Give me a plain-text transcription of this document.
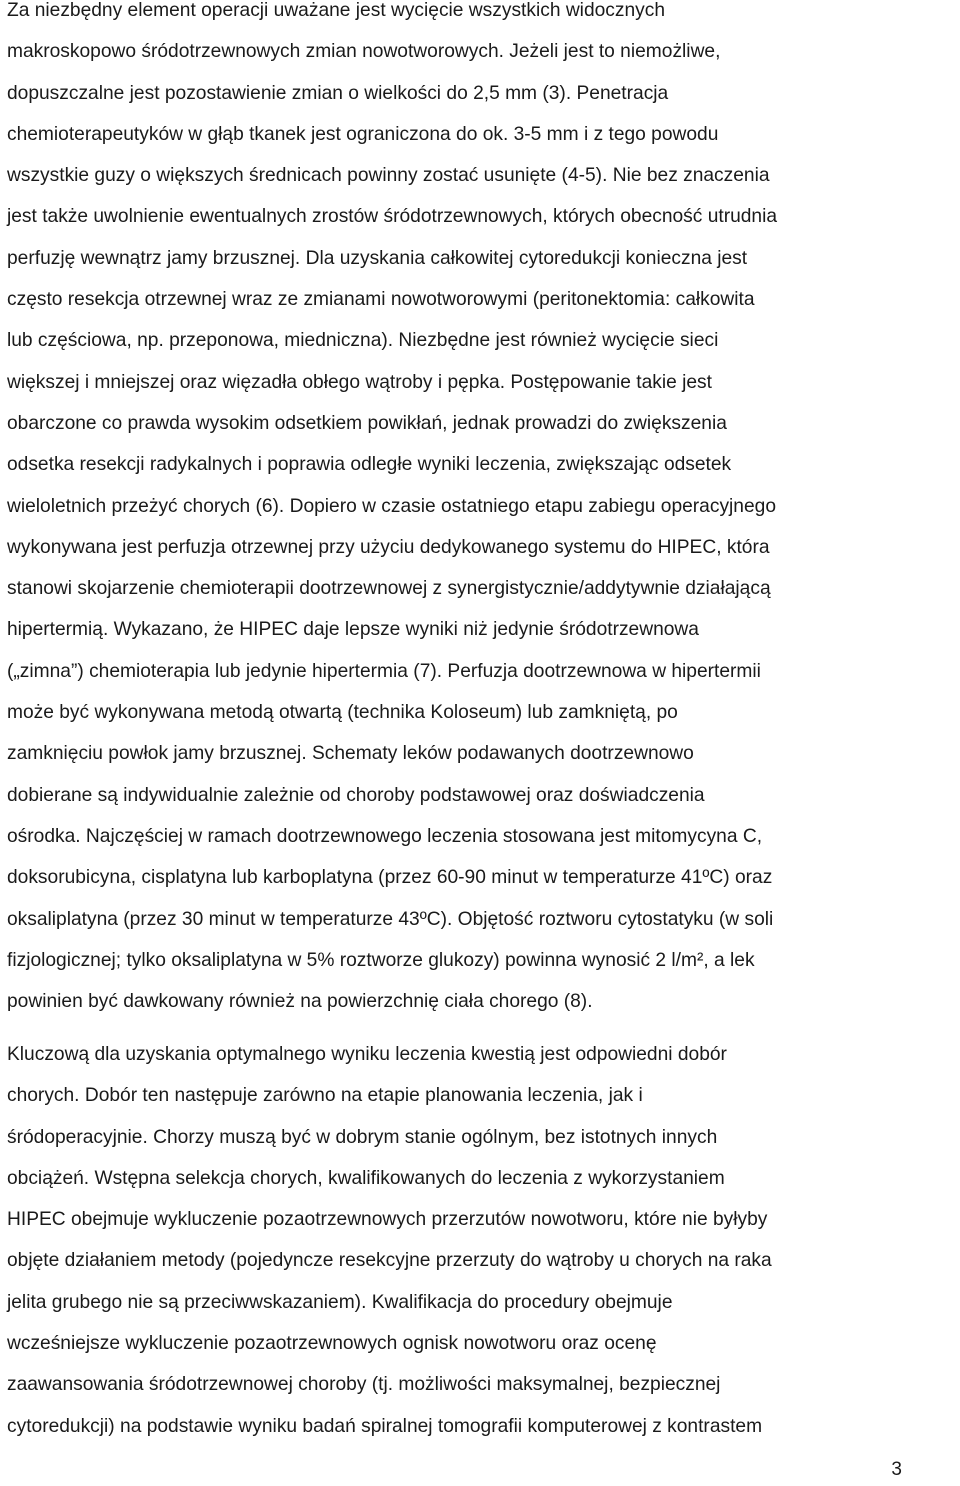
Za niezbędny element operacji uważane jest wycięcie wszystkich widocznych
makroskopowo śródotrzewnowych zmian nowotworowych. Jeżeli jest to niemożliwe,
dopuszczalne jest pozostawienie zmian o wielkości do 2,5 mm (3). Penetracja
chemioterapeutyków w głąb tkanek jest ograniczona do ok. 3-5 mm i z tego powodu
wszystkie guzy o większych średnicach powinny zostać usunięte (4-5). Nie bez znaczenia
jest także uwolnienie ewentualnych zrostów śródotrzewnowych, których obecność utrudnia
perfuzję wewnątrz jamy brzusznej. Dla uzyskania całkowitej cytoredukcji konieczna jest
często resekcja otrzewnej wraz ze zmianami nowotworowymi (peritonektomia: całkowita
lub częściowa, np. przeponowa, miedniczna). Niezbędne jest również wycięcie sieci
większej i mniejszej oraz więzadła obłego wątroby i pępka. Postępowanie takie jest
obarczone co prawda wysokim odsetkiem powikłań, jednak prowadzi do zwiększenia
odsetka resekcji radykalnych i poprawia odległe wyniki leczenia, zwiększając odsetek
wieloletnich przeżyć chorych (6). Dopiero w czasie ostatniego etapu zabiegu operacyjnego
wykonywana jest perfuzja otrzewnej przy użyciu dedykowanego systemu do HIPEC, która
stanowi skojarzenie chemioterapii dootrzewnowej z synergistycznie/addytywnie działającą
hipertermią. Wykazano, że HIPEC daje lepsze wyniki niż jedynie śródotrzewnowa
(„zimna”) chemioterapia lub jedynie hipertermia (7). Perfuzja dootrzewnowa w hipertermii
może być wykonywana metodą otwartą (technika Koloseum) lub zamkniętą, po
zamknięciu powłok jamy brzusznej. Schematy leków podawanych dootrzewnowo
dobierane są indywidualnie zależnie od choroby podstawowej oraz doświadczenia
ośrodka. Najczęściej w ramach dootrzewnowego leczenia stosowana jest mitomycyna C,
doksorubicyna, cisplatyna lub karboplatyna (przez 60-90 minut w temperaturze 41ºC) oraz
oksaliplatyna (przez 30 minut w temperaturze 43ºC). Objętość roztworu cytostatyku (w soli
fizjologicznej; tylko oksaliplatyna w 5% roztworze glukozy) powinna wynosić 2 l/m², a lek
powinien być dawkowany również na powierzchnię ciała chorego (8).
Kluczową dla uzyskania optymalnego wyniku leczenia kwestią jest odpowiedni dobór
chorych. Dobór ten następuje zarówno na etapie planowania leczenia, jak i
śródoperacyjnie. Chorzy muszą być w dobrym stanie ogólnym, bez istotnych innych
obciążeń. Wstępna selekcja chorych, kwalifikowanych do leczenia z wykorzystaniem
HIPEC obejmuje wykluczenie pozaotrzewnowych przerzutów nowotworu, które nie byłyby
objęte działaniem metody (pojedyncze resekcyjne przerzuty do wątroby u chorych na raka
jelita grubego nie są przeciwwskazaniem). Kwalifikacja do procedury obejmuje
wcześniejsze wykluczenie pozaotrzewnowych ognisk nowotworu oraz ocenę
zaawansowania śródotrzewnowej choroby (tj. możliwości maksymalnej, bezpiecznej
cytoredukcji) na podstawie wyniku badań spiralnej tomografii komputerowej z kontrastem
3
